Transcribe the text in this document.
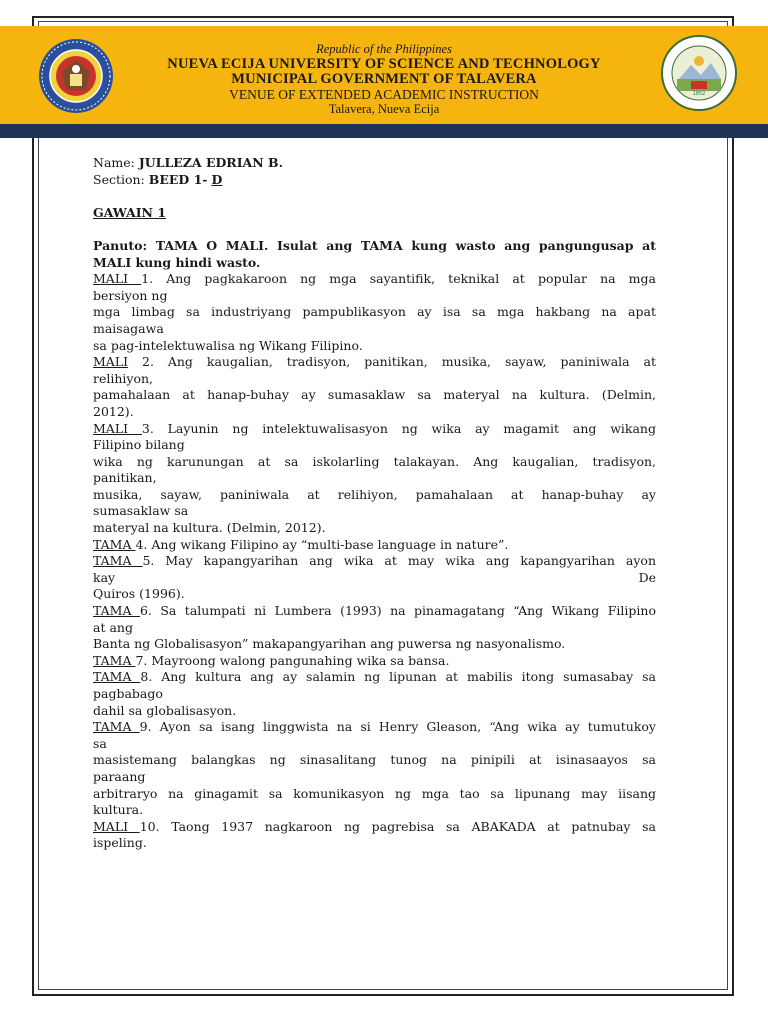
1852
Republic of the Philippines
NUEVA ECIJA UNIVERSITY OF SCIENCE AND TECHNOLOGY
MUNICIPAL GOVERNMENT OF TALAVERA
VENUE OF EXTENDED ACADEMIC INSTRUCTION
Talavera, Nueva Ecija
Name: JULLEZA EDRIAN B.
Section: BEED 1- D
GAWAIN 1
Panuto: TAMA O MALI. Isulat ang TAMA kung wasto ang pangungusap at
MALI kung hindi wasto.
MALI 1. Ang pagkakaroon ng mga sayantifik, teknikal at popular na mga
bersiyon ng
mga limbag sa industriyang pampublikasyon ay isa sa mga hakbang na apat
maisagawa
sa pag-intelektuwalisa ng Wikang Filipino.
MALI 2. Ang kaugalian, tradisyon, panitikan, musika, sayaw, paniniwala at
relihiyon,
pamahalaan at hanap-buhay ay sumasaklaw sa materyal na kultura. (Delmin,
2012).
MALI 3. Layunin ng intelektuwalisasyon ng wika ay magamit ang wikang
Filipino bilang
wika ng karunungan at sa iskolarling talakayan. Ang kaugalian, tradisyon,
panitikan,
musika, sayaw, paniniwala at relihiyon, pamahalaan at hanap-buhay ay
sumasaklaw sa
materyal na kultura. (Delmin, 2012).
TAMA 4. Ang wikang Filipino ay “multi-base language in nature”.
TAMA 5. May kapangyarihan ang wika at may wika ang kapangyarihan ayon
kay De
Quiros (1996).
TAMA 6. Sa talumpati ni Lumbera (1993) na pinamagatang “Ang Wikang Filipino
at ang
Banta ng Globalisasyon” makapangyarihan ang puwersa ng nasyonalismo.
TAMA 7. Mayroong walong pangunahing wika sa bansa.
TAMA 8. Ang kultura ang ay salamin ng lipunan at mabilis itong sumasabay sa
pagbabago
dahil sa globalisasyon.
TAMA 9. Ayon sa isang linggwista na si Henry Gleason, “Ang wika ay tumutukoy
sa
masistemang balangkas ng sinasalitang tunog na pinipili at isinasaayos sa
paraang
arbitraryo na ginagamit sa komunikasyon ng mga tao sa lipunang may iisang
kultura.
MALI 10. Taong 1937 nagkaroon ng pagrebisa sa ABAKADA at patnubay sa
ispeling.
